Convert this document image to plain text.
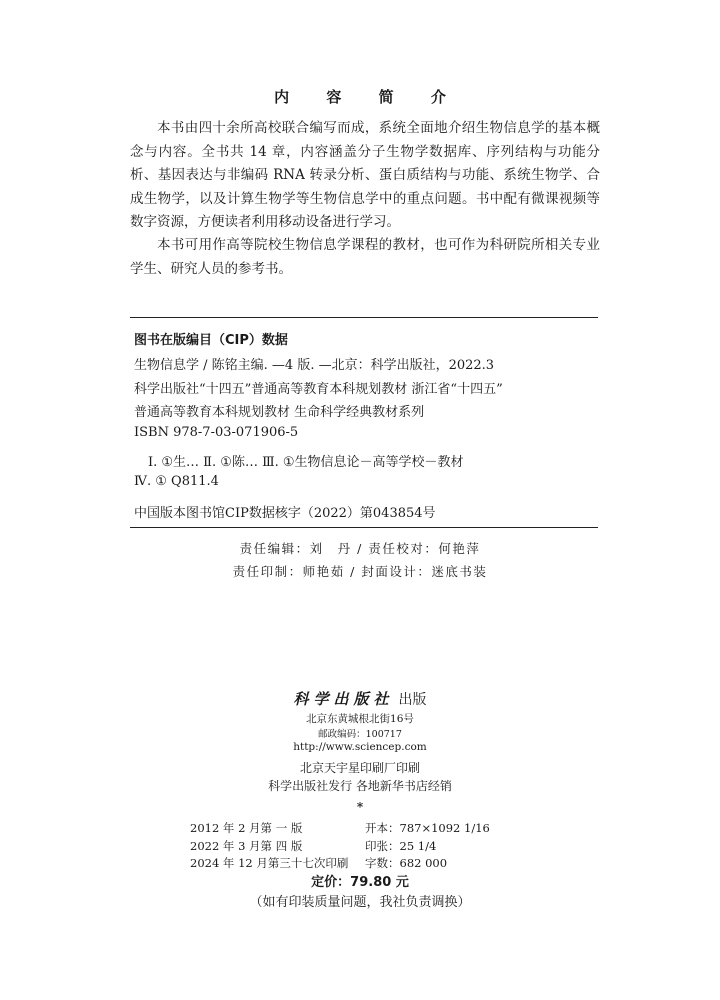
内 容 简 介

本书由四十余所高校联合编写而成，系统全面地介绍生物信息学的基本概念与内容。全书共 14 章，内容涵盖分子生物学数据库、序列结构与功能分析、基因表达与非编码 RNA 转录分析、蛋白质结构与功能、系统生物学、合成生物学，以及计算生物学等生物信息学中的重点问题。书中配有微课视频等数字资源，方便读者利用移动设备进行学习。

本书可用作高等院校生物信息学课程的教材，也可作为科研院所相关专业学生、研究人员的参考书。

图书在版编目（CIP）数据
生物信息学 / 陈铭主编. —4 版. —北京：科学出版社，2022.3
科学出版社“十四五”普通高等教育本科规划教材 浙江省“十四五”
普通高等教育本科规划教材 生命科学经典教材系列
ISBN 978-7-03-071906-5
Ⅰ. ①生… Ⅱ. ①陈… Ⅲ. ①生物信息论－高等学校－教材
Ⅳ. ① Q811.4
中国版本图书馆CIP数据核字（2022）第043854号
责任编辑：刘　丹 / 责任校对：何艳萍
责任印制：师艳茹 / 封面设计：迷底书装
科学出版社 出版
北京东黄城根北街16号
邮政编码：100717
http://www.sciencep.com
北京天宇星印刷厂印刷
科学出版社发行 各地新华书店经销
*
2012 年 2 月第 一 版	开本：787×1092 1/16
2022 年 3 月第 四 版	印张：25 1/4
2024 年 12 月第三十七次印刷 字数：682 000
定价：79.80 元
（如有印装质量问题，我社负责调换）
